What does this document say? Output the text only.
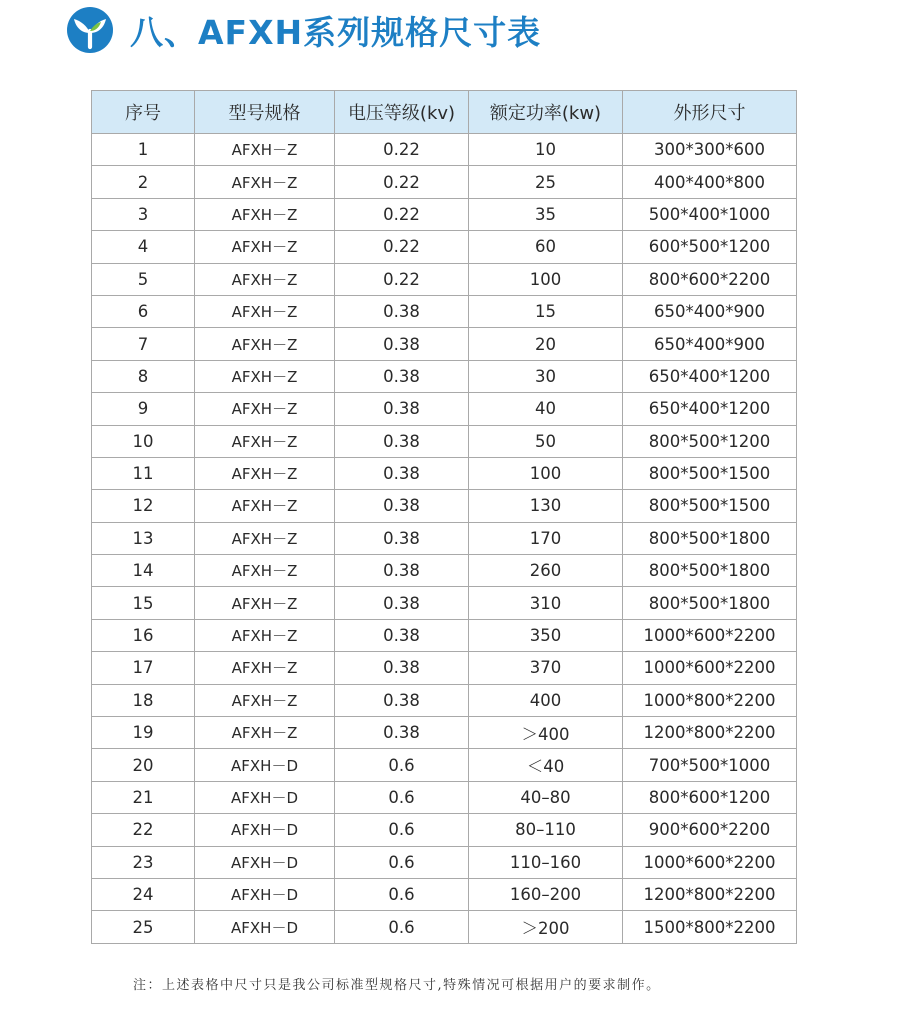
八、AFXH系列规格尺寸表
序号	型号规格	电压等级(kv)	额定功率(kw)	外形尺寸
1	AFXH－Z	0.22	10	300*300*600
2	AFXH－Z	0.22	25	400*400*800
3	AFXH－Z	0.22	35	500*400*1000
4	AFXH－Z	0.22	60	600*500*1200
5	AFXH－Z	0.22	100	800*600*2200
6	AFXH－Z	0.38	15	650*400*900
7	AFXH－Z	0.38	20	650*400*900
8	AFXH－Z	0.38	30	650*400*1200
9	AFXH－Z	0.38	40	650*400*1200
10	AFXH－Z	0.38	50	800*500*1200
11	AFXH－Z	0.38	100	800*500*1500
12	AFXH－Z	0.38	130	800*500*1500
13	AFXH－Z	0.38	170	800*500*1800
14	AFXH－Z	0.38	260	800*500*1800
15	AFXH－Z	0.38	310	800*500*1800
16	AFXH－Z	0.38	350	1000*600*2200
17	AFXH－Z	0.38	370	1000*600*2200
18	AFXH－Z	0.38	400	1000*800*2200
19	AFXH－Z	0.38	＞400	1200*800*2200
20	AFXH－D	0.6	＜40	700*500*1000
21	AFXH－D	0.6	40–80	800*600*1200
22	AFXH－D	0.6	80–110	900*600*2200
23	AFXH－D	0.6	110–160	1000*600*2200
24	AFXH－D	0.6	160–200	1200*800*2200
25	AFXH－D	0.6	＞200	1500*800*2200
注：上述表格中尺寸只是我公司标准型规格尺寸,特殊情况可根据用户的要求制作。
